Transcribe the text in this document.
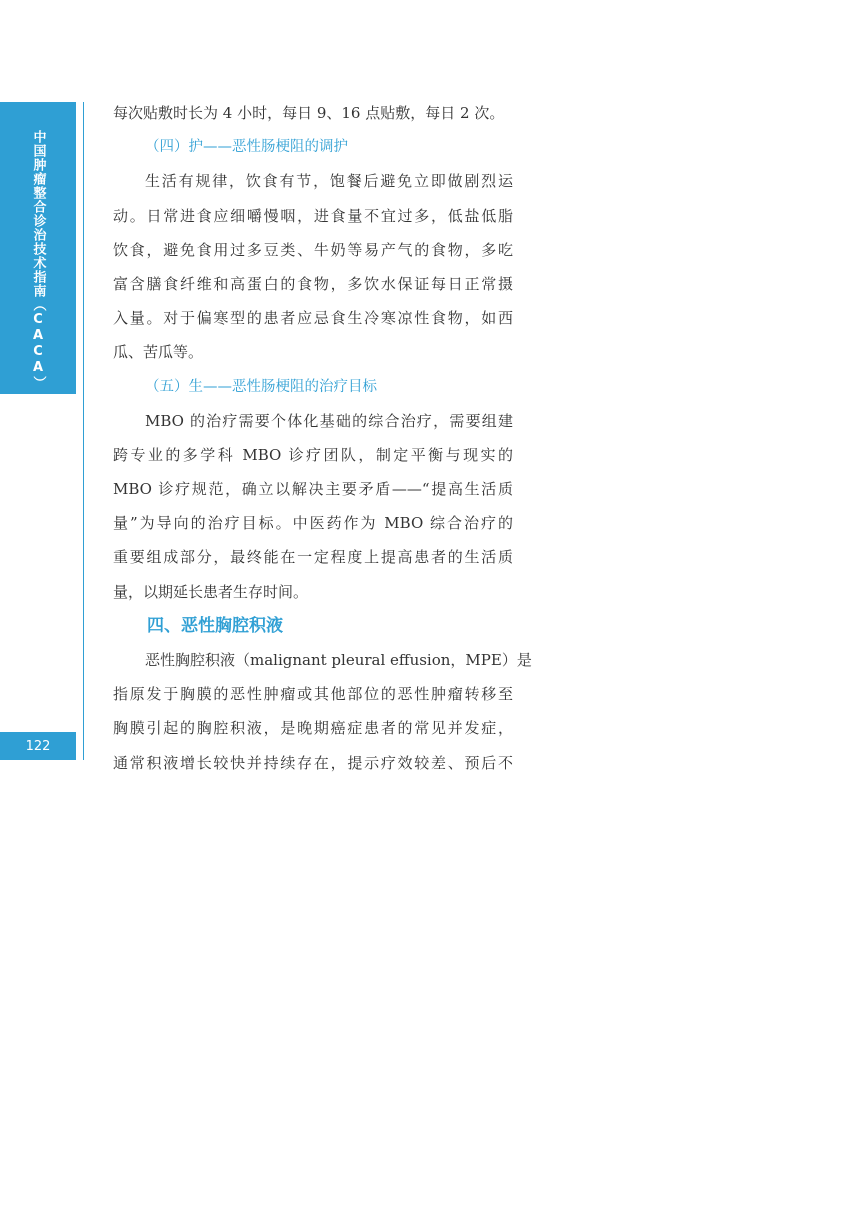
中国肿瘤整合诊治技术指南（CACA）
122
每次贴敷时长为 4 小时，每日 9、16 点贴敷，每日 2 次。
（四）护——恶性肠梗阻的调护
生活有规律，饮食有节，饱餐后避免立即做剧烈运
动。日常进食应细嚼慢咽，进食量不宜过多，低盐低脂
饮食，避免食用过多豆类、牛奶等易产气的食物，多吃
富含膳食纤维和高蛋白的食物，多饮水保证每日正常摄
入量。对于偏寒型的患者应忌食生冷寒凉性食物，如西
瓜、苦瓜等。
（五）生——恶性肠梗阻的治疗目标
MBO 的治疗需要个体化基础的综合治疗，需要组建
跨专业的多学科 MBO 诊疗团队，制定平衡与现实的
MBO 诊疗规范，确立以解决主要矛盾——“提高生活质
量”为导向的治疗目标。中医药作为 MBO 综合治疗的
重要组成部分，最终能在一定程度上提高患者的生活质
量，以期延长患者生存时间。
四、恶性胸腔积液
恶性胸腔积液（malignant pleural effusion，MPE）是
指原发于胸膜的恶性肿瘤或其他部位的恶性肿瘤转移至
胸膜引起的胸腔积液，是晚期癌症患者的常见并发症，
通常积液增长较快并持续存在，提示疗效较差、预后不
